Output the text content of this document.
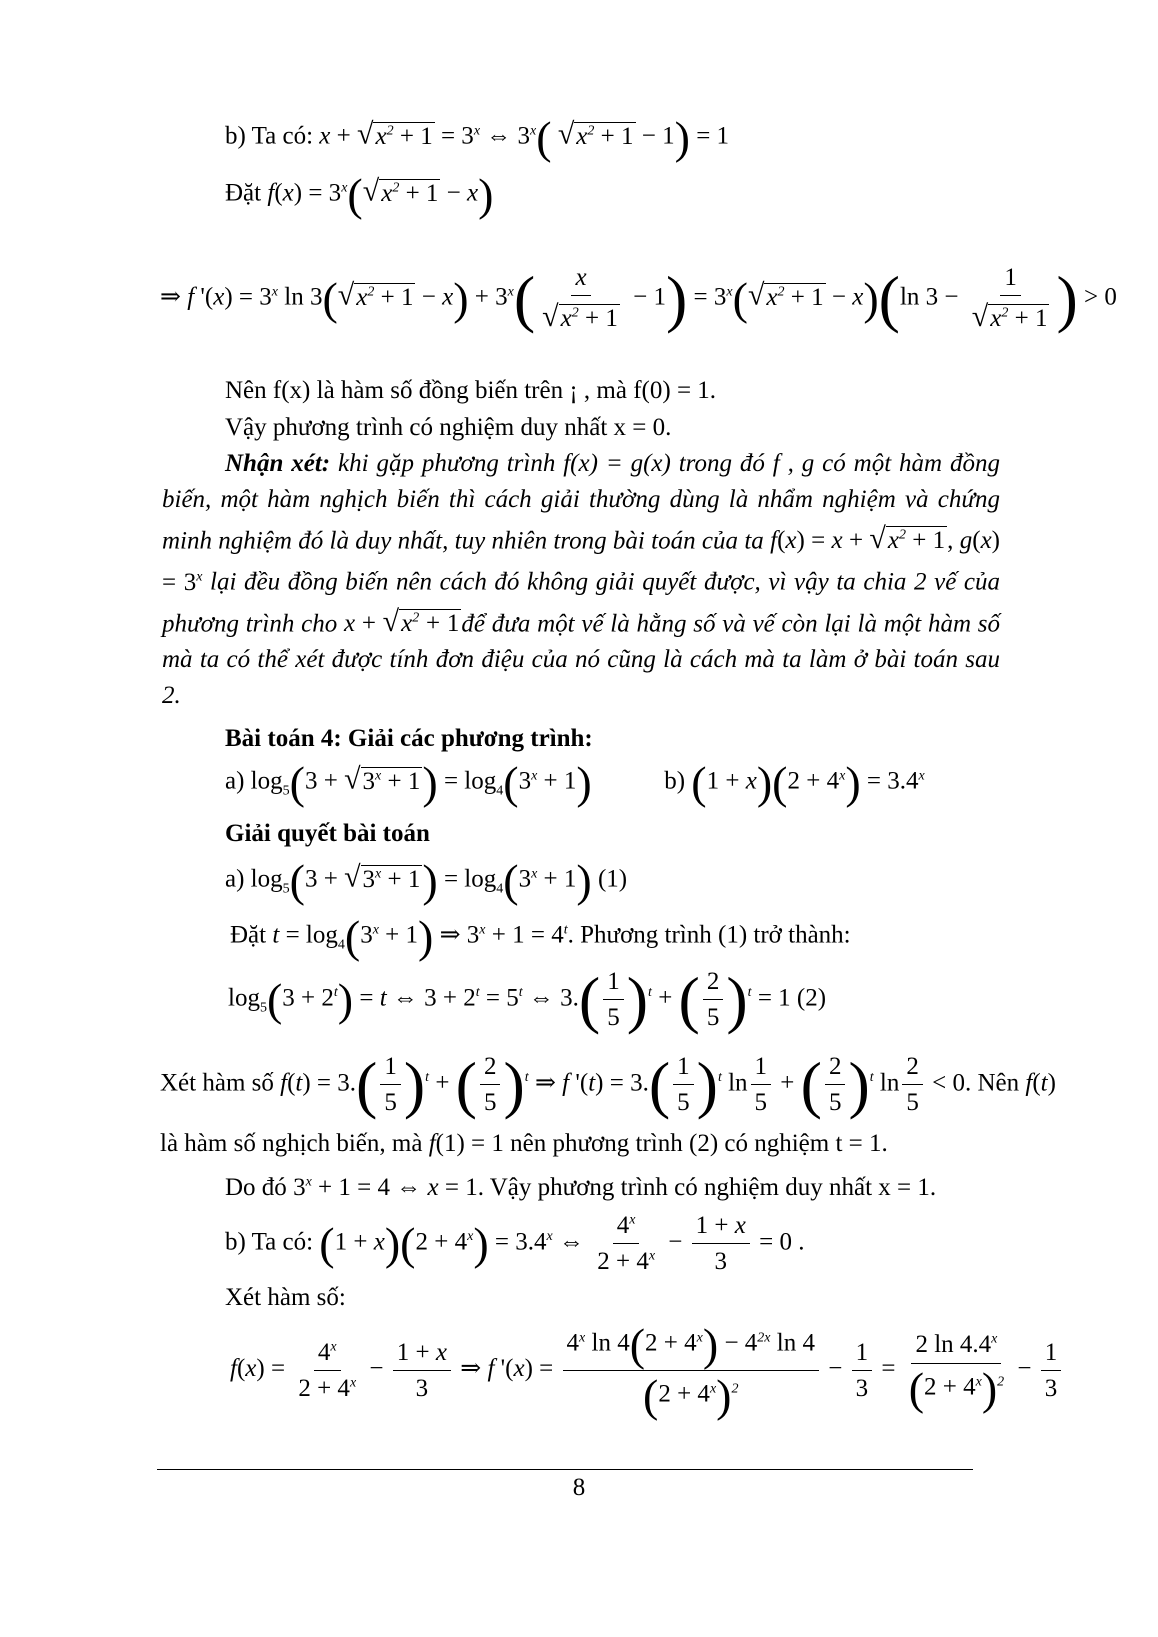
b) Ta có: $x + √x^2 + 1 = 3^x$ ⇔ 3$^x$( $√x^2 + 1 - 1) = 1$
Đặt $f(x) = 3^x(√x^2 + 1 - x)$
⇒ f '$(x) = 3^x$ $\ln 3(√x^2 + 1 - x) + 3^x( \frac{x}{√x^2 + 1} - 1) = 3^x(√x^2 + 1 - x)(\ln$ $3 - \frac{1}{√x^2 + 1}$ ) > 0
Nên f(x) là hàm số đồng biến trên ¡ , mà f(0) = 1.
Vậy phương trình có nghiệm duy nhất x = 0.
Nhận xét: khi gặp phương trình f(x) = g(x) trong đó f , g có một hàm đồng biến, một hàm nghịch biến thì cách giải thường dùng là nhẩm nghiệm và chứng minh nghiệm đó là duy nhất, tuy nhiên trong bài toán của ta $f(x) = x + √x^2 + 1$, $g(x) = 3^x$ lại đều đồng biến nên cách đó không giải quyết được, vì vậy ta chia 2 vế của phương trình cho $x + √x^2$ + 1để đưa một vế là hằng số và vế còn lại là một hàm số mà ta có thể xét được tính đơn điệu của nó cũng là cách mà ta làm ở bài toán sau 2.
Bài toán 4: Giải các phương trình:
a) $\log_5(3 + √3^x + 1) = \log_4(3^x + 1)$	b) $(1 + x)(2 + 4^x) = 3.4^x$
Giải quyết bài toán
a) $\log_5(3 + √3^x + 1) = \log_4(3^x + 1)$ (1)
Đặt $t = \log_4(3^x + 1)$ ⇒ $3^x + 1 = 4^t$. Phương trình (1) trở thành:
$\log_5(3 + 2^t) = t$ ⇔ $3 + 2^t = 5^t$ ⇔ $3.( \frac{1}{5} )^t$ + ( $\frac{2}{5} )^t = 1$ (2)
Xét hàm số $f(t) = 3.( \frac{1}{5} )^t$ + ( $\frac{2}{5} )^t$ ⇒ f '$(t) = 3.( \frac{1}{5} )^t$ $\ln \frac{1}{5}$ + ( $\frac{2}{5} )^t$ $\ln \frac{2}{5} < 0$. Nên f(t)
là hàm số nghịch biến, mà f(1) = 1 nên phương trình (2) có nghiệm t = 1.
Do đó $3^x + 1 = 4$ ⇔ x = 1. Vậy phương trình có nghiệm duy nhất x = 1.
b) Ta có: $(1 + x)(2 + 4^x) = 3.4^x$ ⇔ $\frac{4^x}{2 + 4^x} - \frac{1 + x}{3} = 0$ .
Xét hàm số:
$f(x) = \frac{4^x}{2 + 4^x} - \frac{1 + x}{3}$ ⇒ f '$(x) = \frac{4^x \ln 4(2 + 4^x) - 4^{2x} \ln 4}{(2 + 4^x)^2} - \frac{1}{3} = \frac{2 \ln 4.4^x}{(2 + 4^x)^2} - \frac{1}{3}$
8
